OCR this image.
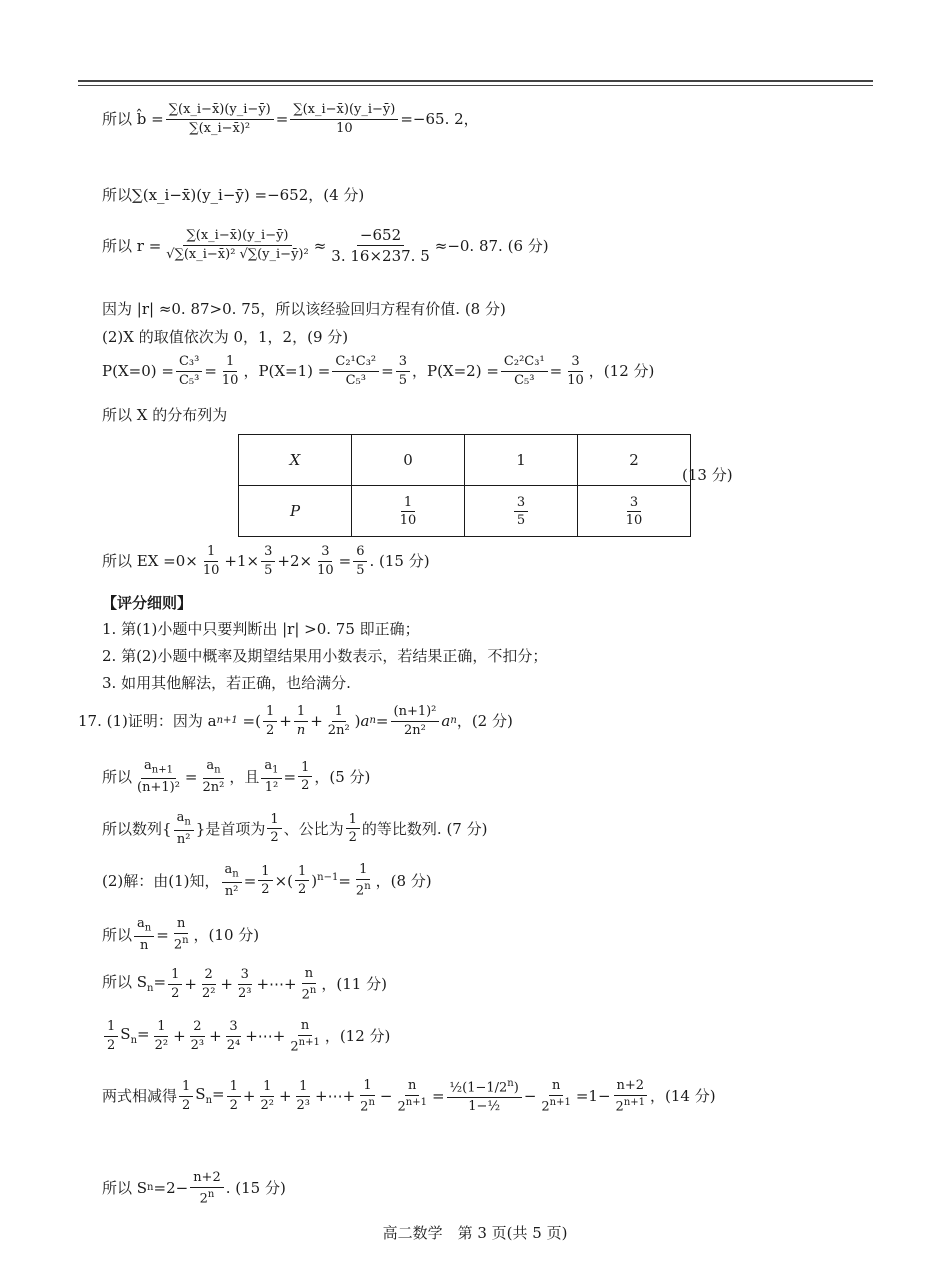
所以 b̂ = $\frac{\sum(x\_i-x̄)(y\_i-ȳ)}{\text{∑(x\_i−x̄)²}} = \frac{\sum(x\_i-x̄)(y\_i-ȳ)}{10} =-65$. 2，
所以 ∑(x_i−x̄)(y_i−ȳ) =−652，(4 分)
所以 $r = \frac{\sum(x\_i-x̄)(y\_i-ȳ)}{\text{√∑(x\_i−x̄)² √∑(y\_i−ȳ)²}} \approx \frac{-652}{3. 16\times 237. 5} \approx-0$. 87. (6 分)
因为 |r| ≈0. 87>0. 75，所以该经验回归方程有价值. (8 分)
(2)X 的取值依次为 0，1，2，(9 分)
$P(X=0) = \frac{\text{C₃³}}{\text{C₅³}} = \frac{1}{10}$ ，$P(X=1) = \frac{\text{C₂¹C₃²}}{\text{C₅³}} = \frac{3}{5}$ ，$P(X=2) = \frac{\text{C₂²C₃¹}}{\text{C₅³}} = \frac{3}{10}$ ，(12 分)
所以 X 的分布列为
X	0	1	2
P	$\frac{1}{10}$	$\frac{3}{5}$	$\frac{3}{10}$
(13 分)
所以 EX $=0\times \frac{1}{10} +1\times \frac{3}{5} +2\times \frac{3}{10} = \frac{6}{5}$ . (15 分)
【评分细则】
1. 第(1)小题中只要判断出 |r| >0. 75 即正确；
2. 第(2)小题中概率及期望结果用小数表示，若结果正确，不扣分；
3. 如用其他解法，若正确，也给满分.
17. (1)证明：因为 a n+1 =( $\frac{1}{2} + \frac{1}{n} + \frac{1}{\text{2n²}}$ ) a $n = \frac{\text{(n+1)²}}{\text{2n²}}$ a n ，(2 分)
所以 $\frac{a_{n+1}}{\text{(n+1)²}} = \frac{a_n}{\text{2n²}}$ ，且 $\frac{a_1}{\text{1²}} = \frac{1}{2}$ ，(5 分)
所以数列 { $\frac{a_n}{\text{n²}}$ } 是首项为 $\frac{1}{2}$ 、公比为 $\frac{1}{2}$ 的等比数列. (7 分)
(2)解：由(1)知， $\frac{a_n}{\text{n²}} = \frac{1}{2}$ ×( $\frac{1}{2} )^{n-1}= \frac{1}{2^n}$ ，(8 分)
所以 $\frac{a_n}{n} = \frac{n}{2^n}$ ，(10 分)
所以 $S_n= \frac{1}{2} + \frac{2}{\text{2²}} + \frac{3}{\text{2³}}$ +⋯+ $\frac{n}{2^n}$ ，(11 分)
$\frac{1}{2} S_n= \frac{1}{\text{2²}} + \frac{2}{\text{2³}} + \frac{3}{\text{2⁴}}$ +⋯+ $\frac{n}{2^{n+1}}$ ，(12 分)
两式相减得 $\frac{1}{2} S_n= \frac{1}{2} + \frac{1}{\text{2²}} + \frac{1}{\text{2³}}$ +⋯+ $\frac{1}{2^n} - \frac{n}{2^{n+1}} = \frac{\frac{1}{2}(1-1/2^n)}{\text{1−½}} - \frac{n}{2^{n+1}} =1- \frac{n+2}{2^{n+1}}$ ，(14 分)
所以 S $n =2- \frac{n+2}{2^n}$ . (15 分)
高二数学　第 3 页(共 5 页)
